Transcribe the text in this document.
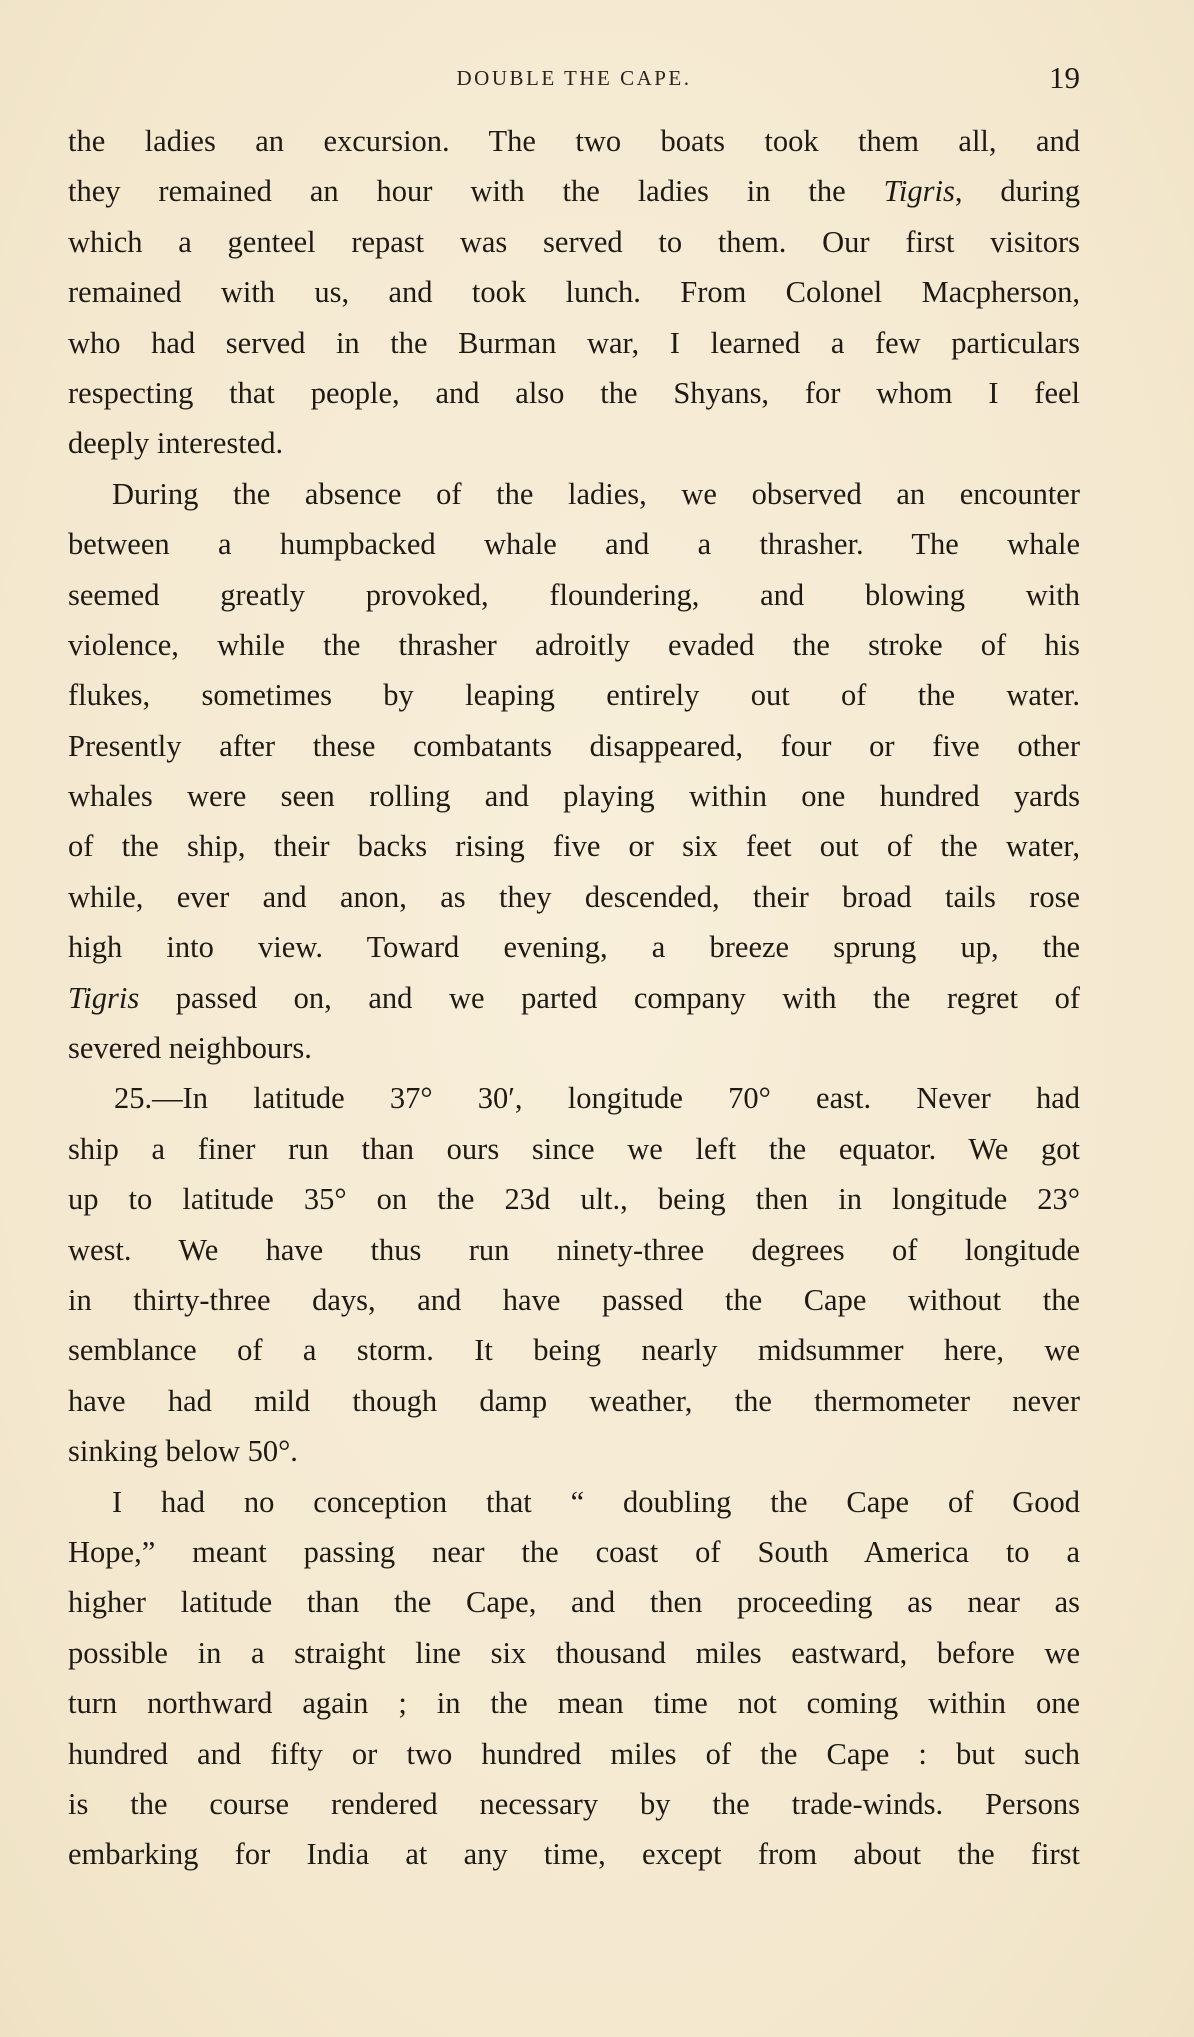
DOUBLE THE CAPE.	19
the ladies an excursion. The two boats took them all, and
they remained an hour with the ladies in the Tigris, during
which a genteel repast was served to them. Our first visitors
remained with us, and took lunch. From Colonel Macpherson,
who had served in the Burman war, I learned a few particulars
respecting that people, and also the Shyans, for whom I feel
deeply interested.
During the absence of the ladies, we observed an encounter
between a humpbacked whale and a thrasher. The whale
seemed greatly provoked, floundering, and blowing with
violence, while the thrasher adroitly evaded the stroke of his
flukes, sometimes by leaping entirely out of the water.
Presently after these combatants disappeared, four or five other
whales were seen rolling and playing within one hundred yards
of the ship, their backs rising five or six feet out of the water,
while, ever and anon, as they descended, their broad tails rose
high into view. Toward evening, a breeze sprung up, the
Tigris passed on, and we parted company with the regret of
severed neighbours.
25.—In latitude 37° 30′, longitude 70° east. Never had
ship a finer run than ours since we left the equator. We got
up to latitude 35° on the 23d ult., being then in longitude 23°
west. We have thus run ninety-three degrees of longitude
in thirty-three days, and have passed the Cape without the
semblance of a storm. It being nearly midsummer here, we
have had mild though damp weather, the thermometer never
sinking below 50°.
I had no conception that “ doubling the Cape of Good
Hope,” meant passing near the coast of South America to a
higher latitude than the Cape, and then proceeding as near as
possible in a straight line six thousand miles eastward, before we
turn northward again ; in the mean time not coming within one
hundred and fifty or two hundred miles of the Cape : but such
is the course rendered necessary by the trade-winds. Persons
embarking for India at any time, except from about the first
